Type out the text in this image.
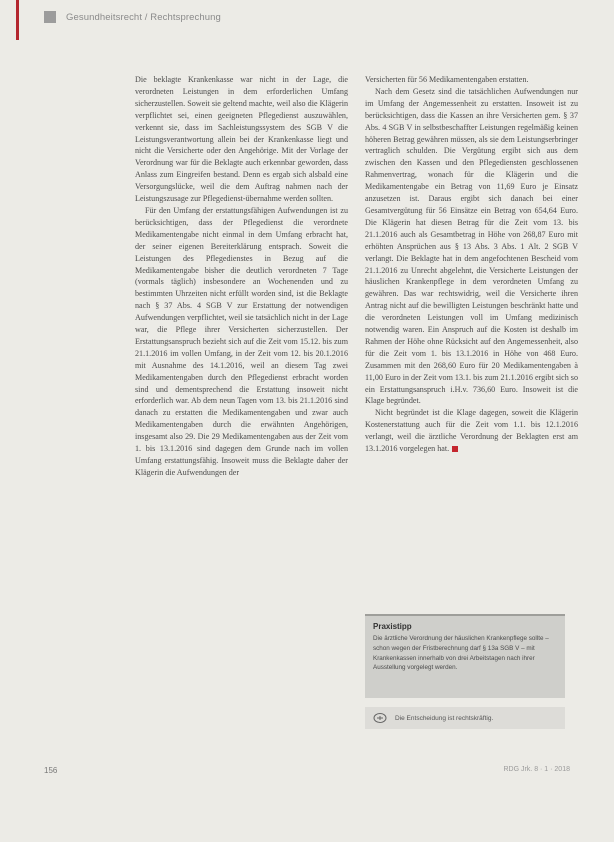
Gesundheitsrecht / Rechtsprechung

Die beklagte Krankenkasse war nicht in der Lage, die verordneten Leistungen in dem erforderlichen Umfang sicherzustellen. Soweit sie geltend machte, weil also die Klägerin verpflichtet sei, einen geeigneten Pflegedienst auszuwählen, verkennt sie, dass im Sachleistungssystem des SGB V die Leistungsverantwortung allein bei der Krankenkasse liegt und nicht die Versicherte oder den Angehörige. Mit der Vorlage der Verordnung war für die Beklagte auch erkennbar geworden, dass Anlass zum Eingreifen bestand. Denn es ergab sich alsbald eine Versorgungslücke, weil die dem Auftrag nahmen nach der Leistungszusage zur Pflegedienst-übernahme werden sollten.

Für den Umfang der erstattungsfähigen Aufwendungen ist zu berücksichtigen, dass der Pflegedienst die verordnete Medikamentengabe nicht einmal in dem Umfang erbracht hat, der seiner eigenen Bereiterklärung entsprach. Soweit die Leistungen des Pflegedienstes in Bezug auf die Medikamentengabe bisher die deutlich verordneten 7 Tage (vormals täglich) insbesondere an Wochenenden und zu bestimmten Uhrzeiten nicht erfüllt worden sind, ist die Beklagte nach § 37 Abs. 4 SGB V zur Erstattung der notwendigen Aufwendungen verpflichtet, weil sie tatsächlich nicht in der Lage war, die Pflege ihrer Versicherten sicherzustellen. Der Erstattungsanspruch bezieht sich auf die Zeit vom 15.12. bis zum 21.1.2016 im vollen Umfang, in der Zeit vom 12. bis 20.1.2016 mit Ausnahme des 14.1.2016, weil an diesem Tag zwei Medikamentengaben durch den Pflegedienst erbracht worden sind und dementsprechend die Erstattung insoweit nicht erforderlich war. Ab dem neun Tagen vom 13. bis 21.1.2016 sind danach zu erstatten die Medikamentengaben und zwar auch Medikamentengaben durch die erwähnten Angehörigen, insgesamt also 29. Die 29 Medikamentengaben aus der Zeit vom 1. bis 13.1.2016 sind dagegen dem Grunde nach im vollen Umfang erstattungsfähig. Insoweit muss die Beklagte daher der Klägerin die Aufwendungen der

Versicherten für 56 Medikamentengaben erstatten.

Nach dem Gesetz sind die tatsächlichen Aufwendungen nur im Umfang der Angemessenheit zu erstatten. Insoweit ist zu berücksichtigen, dass die Kassen an ihre Versicherten gem. § 37 Abs. 4 SGB V in selbstbeschaffter Leistungen regelmäßig keinen höheren Betrag gewähren müssen, als sie dem Leistungserbringer vertraglich schulden. Die Vergütung ergibt sich aus dem zwischen den Kassen und den Pflegediensten geschlossenen Rahmenvertrag, wonach für die Klägerin und die Medikamentengabe ein Betrag von 11,69 Euro je Einsatz anzusetzen ist. Daraus ergibt sich danach bei einer Gesamtvergütung für 56 Einsätze ein Betrag von 654,64 Euro. Die Klägerin hat diesen Betrag für die Zeit vom 13. bis 21.1.2016 auch als Gesamtbetrag in Höhe von 268,87 Euro mit erhöhten Ansprüchen aus § 13 Abs. 3 Abs. 1 Alt. 2 SGB V verlangt. Die Beklagte hat in dem angefochtenen Bescheid vom 21.1.2016 zu Unrecht abgelehnt, die Versicherte Leistungen der häuslichen Krankenpflege in dem verordneten Umfang zu gewähren. Das war rechtswidrig, weil die Versicherte ihren Antrag nicht auf die bewilligten Leistungen beschränkt hatte und die verordneten Leistungen voll im Umfang medizinisch notwendig waren. Ein Anspruch auf die Kosten ist deshalb im Rahmen der Höhe ohne Rücksicht auf den Angemessenheit, also für die Zeit vom 1. bis 13.1.2016 in Höhe von 468 Euro. Zusammen mit den 268,60 Euro für 20 Medikamentengaben à 11,00 Euro in der Zeit vom 13.1. bis zum 21.1.2016 ergibt sich so ein Erstattungsanspruch i.H.v. 736,60 Euro. Insoweit ist die Klage begründet.

Nicht begründet ist die Klage dagegen, soweit die Klägerin Kostenerstattung auch für die Zeit vom 1.1. bis 12.1.2016 verlangt, weil die ärztliche Verordnung der Beklagten erst am 13.1.2016 vorgelegen hat.

Praxistipp
Die ärztliche Verordnung der häuslichen Krankenpflege sollte – schon wegen der Fristberechnung darf § 13a SGB V – mit Krankenkassen innerhalb von drei Arbeitstagen nach ihrer Ausstellung vorgelegt werden.
Die Entscheidung ist rechtskräftig.
156	RDG Jrk. 8 · 1 · 2018
